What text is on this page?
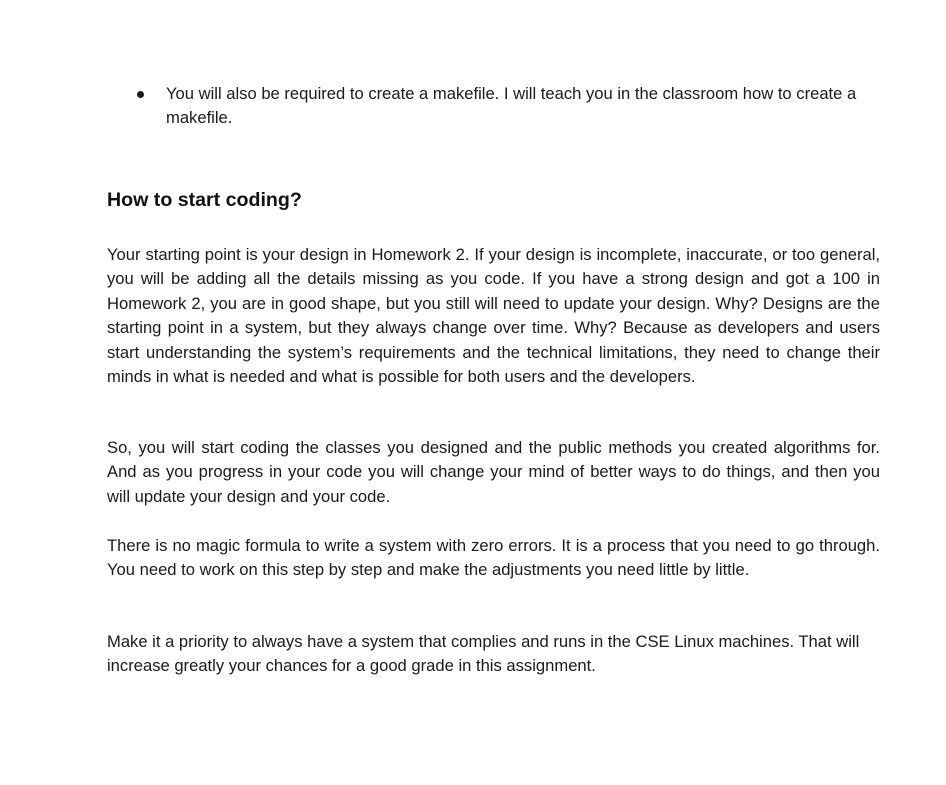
You will also be required to create a makefile. I will teach you in the classroom how to create a makefile.
How to start coding?

Your starting point is your design in Homework 2. If your design is incomplete, inaccurate, or too general, you will be adding all the details missing as you code. If you have a strong design and got a 100 in Homework 2, you are in good shape, but you still will need to update your design. Why? Designs are the starting point in a system, but they always change over time. Why? Because as developers and users start understanding the system’s requirements and the technical limitations, they need to change their minds in what is needed and what is possible for both users and the developers.

So, you will start coding the classes you designed and the public methods you created algorithms for. And as you progress in your code you will change your mind of better ways to do things, and then you will update your design and your code.

There is no magic formula to write a system with zero errors. It is a process that you need to go through. You need to work on this step by step and make the adjustments you need little by little.

Make it a priority to always have a system that complies and runs in the CSE Linux machines. That will increase greatly your chances for a good grade in this assignment.
